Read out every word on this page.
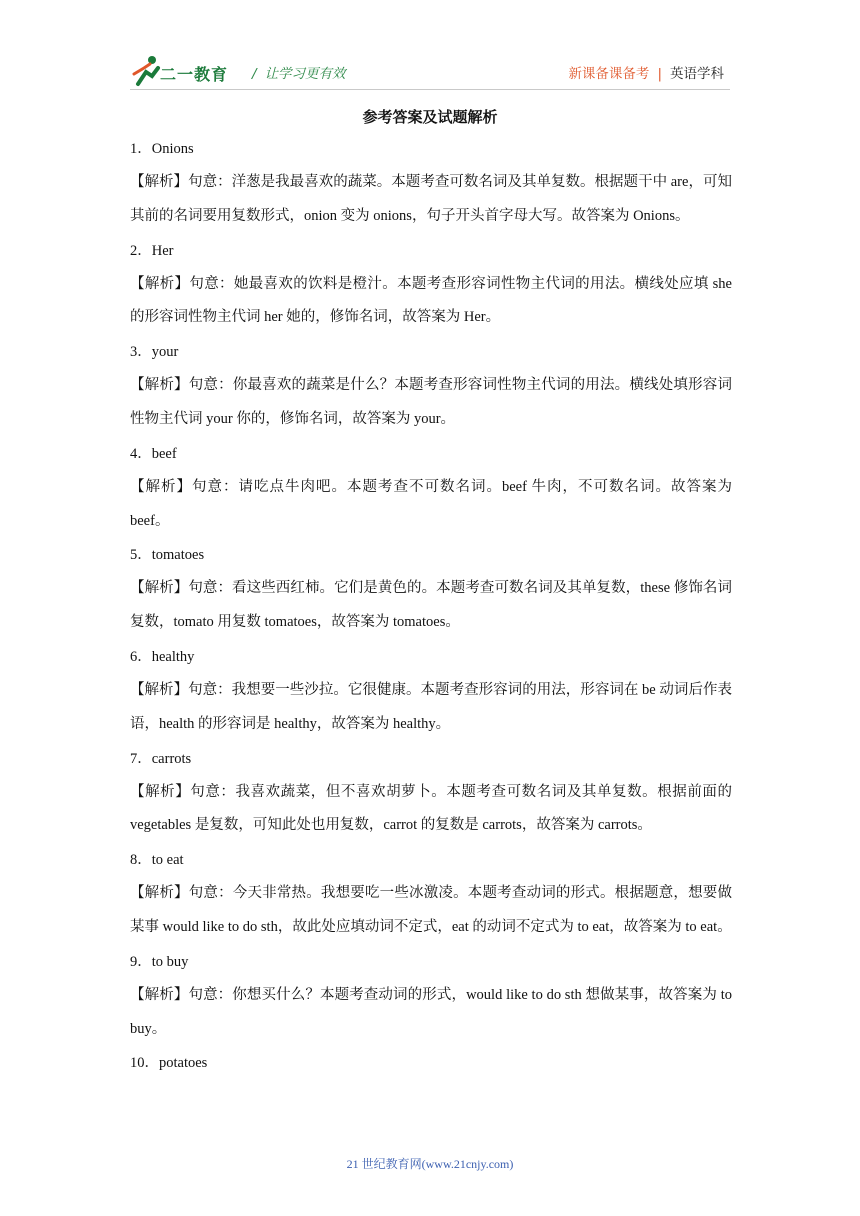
二一教育 / 让学习更有效	新课备课备考 | 英语学科
参考答案及试题解析
1．Onions
【解析】句意：洋葱是我最喜欢的蔬菜。本题考查可数名词及其单复数。根据题干中 are，可知其前的名词要用复数形式，onion 变为 onions，句子开头首字母大写。故答案为 Onions。
2．Her
【解析】句意：她最喜欢的饮料是橙汁。本题考查形容词性物主代词的用法。横线处应填 she 的形容词性物主代词 her 她的，修饰名词，故答案为 Her。
3．your
【解析】句意：你最喜欢的蔬菜是什么？本题考查形容词性物主代词的用法。横线处填形容词性物主代词 your 你的，修饰名词，故答案为 your。
4．beef
【解析】句意：请吃点牛肉吧。本题考查不可数名词。beef 牛肉，不可数名词。故答案为 beef。
5．tomatoes
【解析】句意：看这些西红柿。它们是黄色的。本题考查可数名词及其单复数，these 修饰名词复数，tomato 用复数 tomatoes，故答案为 tomatoes。
6．healthy
【解析】句意：我想要一些沙拉。它很健康。本题考查形容词的用法，形容词在 be 动词后作表语，health 的形容词是 healthy，故答案为 healthy。
7．carrots
【解析】句意：我喜欢蔬菜，但不喜欢胡萝卜。本题考查可数名词及其单复数。根据前面的 vegetables 是复数，可知此处也用复数，carrot 的复数是 carrots，故答案为 carrots。
8．to eat
【解析】句意：今天非常热。我想要吃一些冰激凌。本题考查动词的形式。根据题意，想要做某事 would like to do sth，故此处应填动词不定式，eat 的动词不定式为 to eat，故答案为 to eat。
9．to buy
【解析】句意：你想买什么？本题考查动词的形式，would like to do sth 想做某事，故答案为 to buy。
10．potatoes
21 世纪教育网(www.21cnjy.com)
